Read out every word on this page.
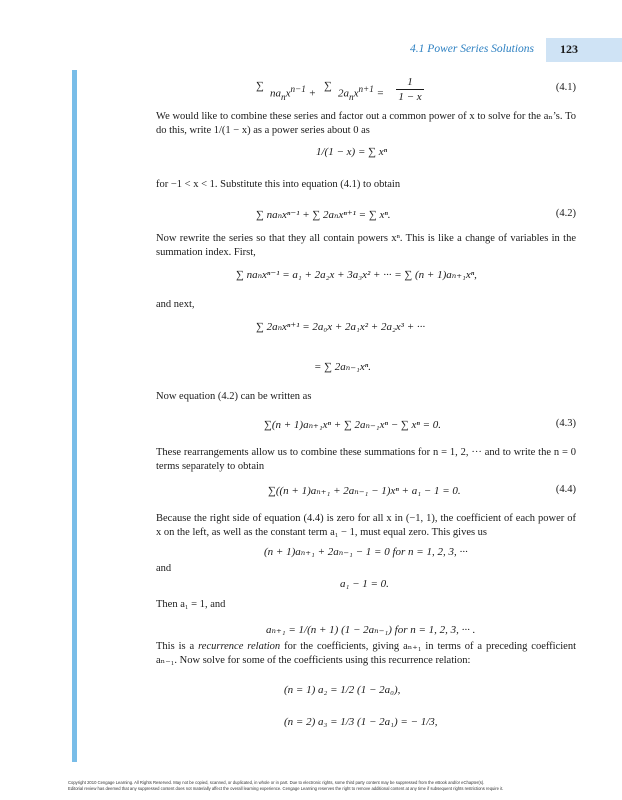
4.1 Power Series Solutions 123
∑
$na_nx^{n-1}$ +
∑
$2a_nx^{n+1}$ =
1
1 − x
(4.1)

We would like to combine these series and factor out a common power of x to solve for the aₙ’s. To do this, write 1/(1 − x) as a power series about 0 as

1/(1 − x) = ∑ xⁿ

for −1 < x < 1. Substitute this into equation (4.1) to obtain

∑ naₙxⁿ⁻¹ + ∑ 2aₙxⁿ⁺¹ = ∑ xⁿ.	(4.2)

Now rewrite the series so that they all contain powers xⁿ. This is like a change of variables in the summation index. First,

∑ naₙxⁿ⁻¹ = a₁ + 2a₂x + 3a₃x² + ··· = ∑ (n + 1)aₙ₊₁xⁿ,

and next,

∑ 2aₙxⁿ⁺¹ = 2a₀x + 2a₁x² + 2a₂x³ + ···
= ∑ 2aₙ₋₁xⁿ.

Now equation (4.2) can be written as

∑(n + 1)aₙ₊₁xⁿ + ∑ 2aₙ₋₁xⁿ − ∑ xⁿ = 0.	(4.3)

These rearrangements allow us to combine these summations for n = 1, 2, ··· and to write the n = 0 terms separately to obtain

∑((n + 1)aₙ₊₁ + 2aₙ₋₁ − 1)xⁿ + a₁ − 1 = 0.	(4.4)

Because the right side of equation (4.4) is zero for all x in (−1, 1), the coefficient of each power of x on the left, as well as the constant term a₁ − 1, must equal zero. This gives us

(n + 1)aₙ₊₁ + 2aₙ₋₁ − 1 = 0 for n = 1, 2, 3, ···

and

a₁ − 1 = 0.

Then a₁ = 1, and

aₙ₊₁ = 1/(n + 1) (1 − 2aₙ₋₁) for n = 1, 2, 3, ··· .

This is a recurrence relation for the coefficients, giving aₙ₊₁ in terms of a preceding coefficient aₙ₋₁. Now solve for some of the coefficients using this recurrence relation:

(n = 1) a₂ = 1/2 (1 − 2a₀),
(n = 2) a₃ = 1/3 (1 − 2a₁) = − 1/3,
Copyright 2010 Cengage Learning. All Rights Reserved. May not be copied, scanned, or duplicated, in whole or in part. Due to electronic rights, some third party content may be suppressed from the eBook and/or eChapter(s).
Editorial review has deemed that any suppressed content does not materially affect the overall learning experience. Cengage Learning reserves the right to remove additional content at any time if subsequent rights restrictions require it.
